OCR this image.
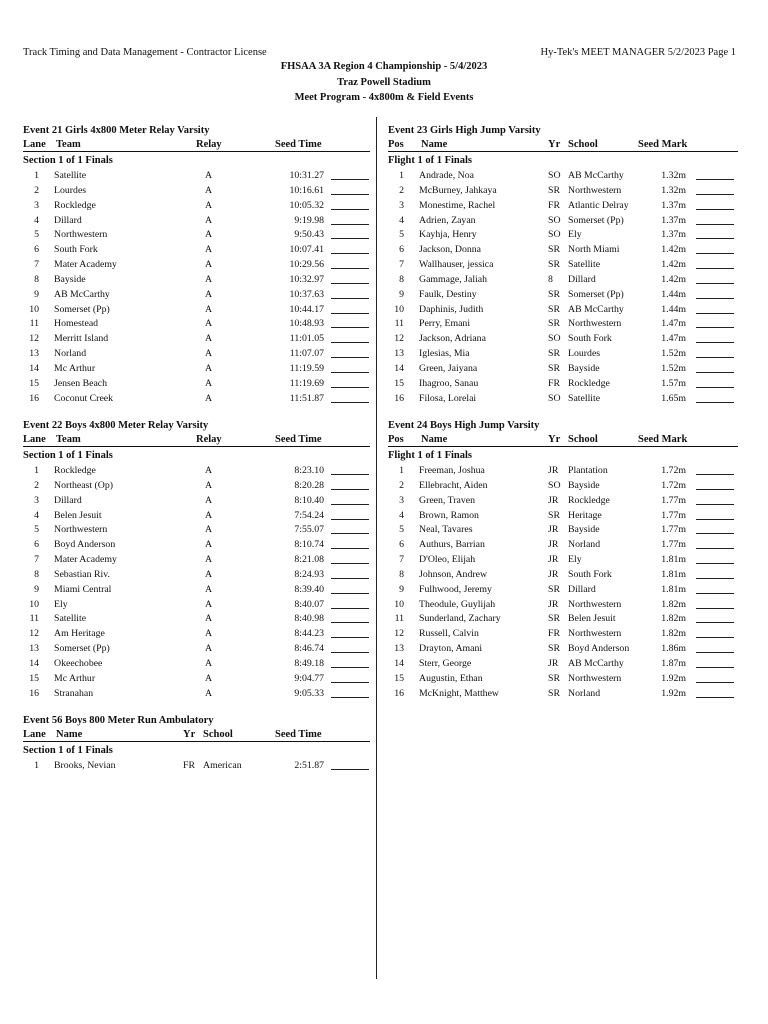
Track Timing and Data Management - Contractor License	Hy-Tek's MEET MANAGER 5/2/2023 Page 1
FHSAA 3A Region 4 Championship - 5/4/2023
Traz Powell Stadium
Meet Program - 4x800m & Field Events
Event 21 Girls 4x800 Meter Relay Varsity
Lane Team	Relay	Seed Time
Section 1 of 1 Finals
1 Satellite	A	10:31.27
2 Lourdes	A	10:16.61
3 Rockledge	A	10:05.32
4 Dillard	A	9:19.98
5 Northwestern	A	9:50.43
6 South Fork	A	10:07.41
7 Mater Academy	A	10:29.56
8 Bayside	A	10:32.97
9 AB McCarthy	A	10:37.63
10 Somerset (Pp)	A	10:44.17
11 Homestead	A	10:48.93
12 Merritt Island	A	11:01.05
13 Norland	A	11:07.07
14 Mc Arthur	A	11:19.59
15 Jensen Beach	A	11:19.69
16 Coconut Creek	A	11:51.87
Event 22 Boys 4x800 Meter Relay Varsity
Lane Team	Relay	Seed Time
Section 1 of 1 Finals
1 Rockledge	A	8:23.10
2 Northeast (Op)	A	8:20.28
3 Dillard	A	8:10.40
4 Belen Jesuit	A	7:54.24
5 Northwestern	A	7:55.07
6 Boyd Anderson	A	8:10.74
7 Mater Academy	A	8:21.08
8 Sebastian Riv.	A	8:24.93
9 Miami Central	A	8:39.40
10 Ely	A	8:40.07
11 Satellite	A	8:40.98
12 Am Heritage	A	8:44.23
13 Somerset (Pp)	A	8:46.74
14 Okeechobee	A	8:49.18
15 Mc Arthur	A	9:04.77
16 Stranahan	A	9:05.33
Event 56 Boys 800 Meter Run Ambulatory
Lane Name	Yr School	Seed Time
Section 1 of 1 Finals
1 Brooks, Nevian	FR American	2:51.87
Event 23 Girls High Jump Varsity
Pos Name	Yr School	Seed Mark
Flight 1 of 1 Finals
1 Andrade, Noa	SO AB McCarthy	1.32m
2 McBurney, Jahkaya	SR Northwestern	1.32m
3 Monestime, Rachel	FR Atlantic Delray	1.37m
4 Adrien, Zayan	SO Somerset (Pp)	1.37m
5 Kayhja, Henry	SO Ely	1.37m
6 Jackson, Donna	SR North Miami	1.42m
7 Wallhauser, jessica	SR Satellite	1.42m
8 Gammage, Jaliah	8 Dillard	1.42m
9 Faulk, Destiny	SR Somerset (Pp)	1.44m
10 Daphinis, Judith	SR AB McCarthy	1.44m
11 Perry, Emani	SR Northwestern	1.47m
12 Jackson, Adriana	SO South Fork	1.47m
13 Iglesias, Mia	SR Lourdes	1.52m
14 Green, Jaiyana	SR Bayside	1.52m
15 Ihagroo, Sanau	FR Rockledge	1.57m
16 Filosa, Lorelai	SO Satellite	1.65m
Event 24 Boys High Jump Varsity
Pos Name	Yr School	Seed Mark
Flight 1 of 1 Finals
1 Freeman, Joshua	JR Plantation	1.72m
2 Ellebracht, Aiden	SO Bayside	1.72m
3 Green, Traven	JR Rockledge	1.77m
4 Brown, Ramon	SR Heritage	1.77m
5 Neal, Tavares	JR Bayside	1.77m
6 Authurs, Barrian	JR Norland	1.77m
7 D'Oleo, Elijah	JR Ely	1.81m
8 Johnson, Andrew	JR South Fork	1.81m
9 Fulhwood, Jeremy	SR Dillard	1.81m
10 Theodule, Guylijah	JR Northwestern	1.82m
11 Sunderland, Zachary	SR Belen Jesuit	1.82m
12 Russell, Calvin	FR Northwestern	1.82m
13 Drayton, Amani	SR Boyd Anderson	1.86m
14 Sterr, George	JR AB McCarthy	1.87m
15 Augustin, Ethan	SR Northwestern	1.92m
16 McKnight, Matthew	SR Norland	1.92m
